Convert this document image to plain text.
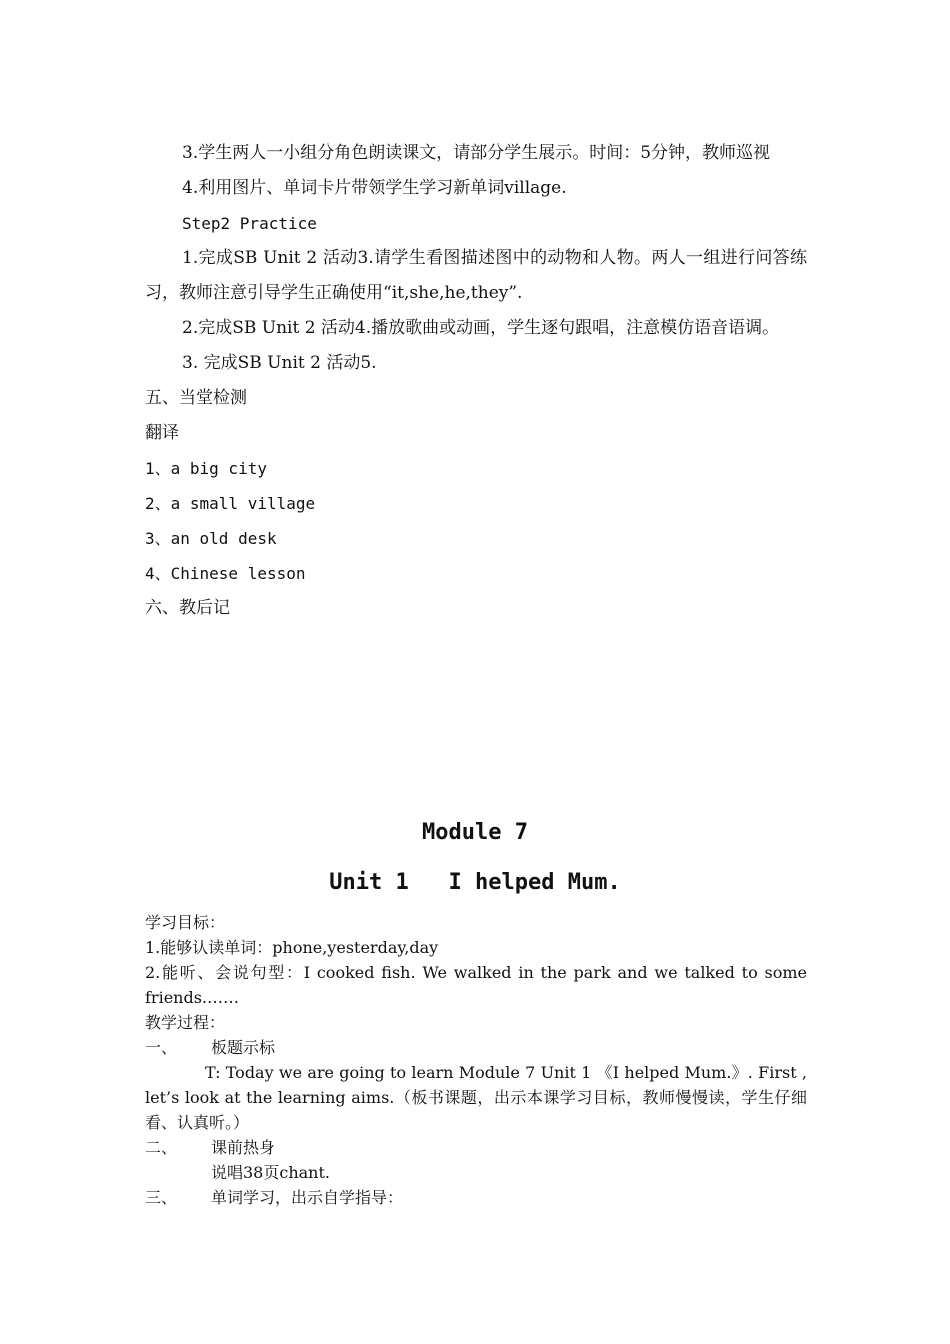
3.学生两人一小组分角色朗读课文，请部分学生展示。时间：5分钟，教师巡视

4.利用图片、单词卡片带领学生学习新单词village.

Step2 Practice

1.完成SB Unit 2 活动3.请学生看图描述图中的动物和人物。两人一组进行问答练习，教师注意引导学生正确使用“it,she,he,they”.

2.完成SB Unit 2 活动4.播放歌曲或动画，学生逐句跟唱，注意模仿语音语调。

3. 完成SB Unit 2 活动5.

五、当堂检测

翻译

1、a big city

2、a small village

3、an old desk

4、Chinese lesson

六、教后记

Module 7
Unit 1   I helped Mum.

学习目标：

1.能够认读单词：phone,yesterday,day

2.能听、会说句型：I cooked fish. We walked in the park and we talked to some friends.……

教学过程：

一、 板题示标

T: Today we are going to learn Module 7 Unit 1 《I helped Mum.》. First , let’s look at the learning aims.（板书课题，出示本课学习目标，教师慢慢读，学生仔细看、认真听。）

二、 课前热身

说唱38页chant.

三、 单词学习，出示自学指导：
